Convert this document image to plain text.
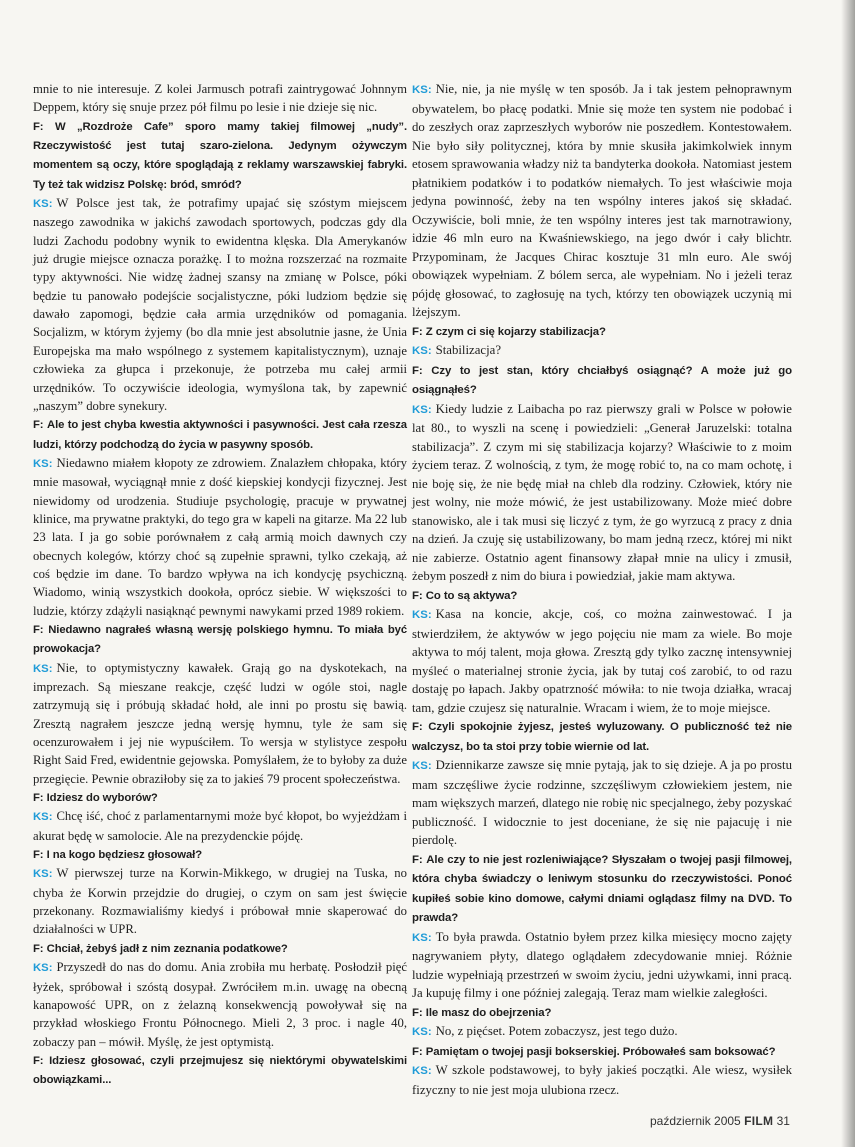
mnie to nie interesuje. Z kolei Jarmusch potrafi zaintrygować Johnnym Deppem, który się snuje przez pół filmu po lesie i nie dzieje się nic.

F: W „Rozdroże Cafe” sporo mamy takiej filmowej „nudy”. Rzeczywistość jest tutaj szaro-zielona. Jedynym ożywczym momentem są oczy, które spoglądają z reklamy warszawskiej fabryki. Ty też tak widzisz Polskę: bród, smród?

KS: W Polsce jest tak, że potrafimy upajać się szóstym miejscem naszego zawodnika w jakichś zawodach sportowych, podczas gdy dla ludzi Zachodu podobny wynik to ewidentna klęska. Dla Amerykanów już drugie miejsce oznacza porażkę. I to można rozszerzać na rozmaite typy aktywności. Nie widzę żadnej szansy na zmianę w Polsce, póki będzie tu panowało podejście socjalistyczne, póki ludziom będzie się dawało zapomogi, będzie cała armia urzędników od pomagania. Socjalizm, w którym żyjemy (bo dla mnie jest absolutnie jasne, że Unia Europejska ma mało wspólnego z systemem kapitalistycznym), uznaje człowieka za głupca i przekonuje, że potrzeba mu całej armii urzędników. To oczywiście ideologia, wymyślona tak, by zapewnić „naszym” dobre synekury.

F: Ale to jest chyba kwestia aktywności i pasywności. Jest cała rzesza ludzi, którzy podchodzą do życia w pasywny sposób.

KS: Niedawno miałem kłopoty ze zdrowiem. Znalazłem chłopaka, który mnie masował, wyciągnął mnie z dość kiepskiej kondycji fizycznej. Jest niewidomy od urodzenia. Studiuje psychologię, pracuje w prywatnej klinice, ma prywatne praktyki, do tego gra w kapeli na gitarze. Ma 22 lub 23 lata. I ja go sobie porównałem z całą armią moich dawnych czy obecnych kolegów, którzy choć są zupełnie sprawni, tylko czekają, aż coś będzie im dane. To bardzo wpływa na ich kondycję psychiczną. Wiadomo, winią wszystkich dookoła, oprócz siebie. W większości to ludzie, którzy zdążyli nasiąknąć pewnymi nawykami przed 1989 rokiem.

F: Niedawno nagrałeś własną wersję polskiego hymnu. To miała być prowokacja?

KS: Nie, to optymistyczny kawałek. Grają go na dyskotekach, na imprezach. Są mieszane reakcje, część ludzi w ogóle stoi, nagle zatrzymują się i próbują składać hołd, ale inni po prostu się bawią. Zresztą nagrałem jeszcze jedną wersję hymnu, tyle że sam się ocenzurowałem i jej nie wypuściłem. To wersja w stylistyce zespołu Right Said Fred, ewidentnie gejowska. Pomyślałem, że to byłoby za duże przegięcie. Pewnie obraziłoby się za to jakieś 79 procent społeczeństwa.

F: Idziesz do wyborów?

KS: Chcę iść, choć z parlamentarnymi może być kłopot, bo wyjeżdżam i akurat będę w samolocie. Ale na prezydenckie pójdę.

F: I na kogo będziesz głosował?

KS: W pierwszej turze na Korwin-Mikkego, w drugiej na Tuska, no chyba że Korwin przejdzie do drugiej, o czym on sam jest święcie przekonany. Rozmawialiśmy kiedyś i próbował mnie skaperować do działalności w UPR.

F: Chciał, żebyś jadł z nim zeznania podatkowe?

KS: Przyszedł do nas do domu. Ania zrobiła mu herbatę. Posłodził pięć łyżek, spróbował i szóstą dosypał. Zwróciłem m.in. uwagę na obecną kanapowość UPR, on z żelazną konsekwencją powoływał się na przykład włoskiego Frontu Północnego. Mieli 2, 3 proc. i nagle 40, zobaczy pan – mówił. Myślę, że jest optymistą.

F: Idziesz głosować, czyli przejmujesz się niektórymi obywatelskimi obowiązkami...

KS: Nie, nie, ja nie myślę w ten sposób. Ja i tak jestem pełnoprawnym obywatelem, bo płacę podatki. Mnie się może ten system nie podobać i do zeszłych oraz zaprzeszłych wyborów nie poszedłem. Kontestowałem. Nie było siły politycznej, która by mnie skusiła jakimkolwiek innym etosem sprawowania władzy niż ta bandyterka dookoła. Natomiast jestem płatnikiem podatków i to podatków niemałych. To jest właściwie moja jedyna powinność, żeby na ten wspólny interes jakoś się składać. Oczywiście, boli mnie, że ten wspólny interes jest tak marnotrawiony, idzie 46 mln euro na Kwaśniewskiego, na jego dwór i cały blichtr. Przypominam, że Jacques Chirac kosztuje 31 mln euro. Ale swój obowiązek wypełniam. Z bólem serca, ale wypełniam. No i jeżeli teraz pójdę głosować, to zagłosuję na tych, którzy ten obowiązek uczynią mi lżejszym.

F: Z czym ci się kojarzy stabilizacja?

KS: Stabilizacja?

F: Czy to jest stan, który chciałbyś osiągnąć? A może już go osiągnąłeś?

KS: Kiedy ludzie z Laibacha po raz pierwszy grali w Polsce w połowie lat 80., to wyszli na scenę i powiedzieli: „Generał Jaruzelski: totalna stabilizacja”. Z czym mi się stabilizacja kojarzy? Właściwie to z moim życiem teraz. Z wolnością, z tym, że mogę robić to, na co mam ochotę, i nie boję się, że nie będę miał na chleb dla rodziny. Człowiek, który nie jest wolny, nie może mówić, że jest ustabilizowany. Może mieć dobre stanowisko, ale i tak musi się liczyć z tym, że go wyrzucą z pracy z dnia na dzień. Ja czuję się ustabilizowany, bo mam jedną rzecz, której mi nikt nie zabierze. Ostatnio agent finansowy złapał mnie na ulicy i zmusił, żebym poszedł z nim do biura i powiedział, jakie mam aktywa.

F: Co to są aktywa?

KS: Kasa na koncie, akcje, coś, co można zainwestować. I ja stwierdziłem, że aktywów w jego pojęciu nie mam za wiele. Bo moje aktywa to mój talent, moja głowa. Zresztą gdy tylko zacznę intensywniej myśleć o materialnej stronie życia, jak by tutaj coś zarobić, to od razu dostaję po łapach. Jakby opatrzność mówiła: to nie twoja działka, wracaj tam, gdzie czujesz się naturalnie. Wracam i wiem, że to moje miejsce.

F: Czyli spokojnie żyjesz, jesteś wyluzowany. O publiczność też nie walczysz, bo ta stoi przy tobie wiernie od lat.

KS: Dziennikarze zawsze się mnie pytają, jak to się dzieje. A ja po prostu mam szczęśliwe życie rodzinne, szczęśliwym człowiekiem jestem, nie mam większych marzeń, dlatego nie robię nic specjalnego, żeby pozyskać publiczność. I widocznie to jest doceniane, że się nie pajacuję i nie pierdolę.

F: Ale czy to nie jest rozleniwiające? Słyszałam o twojej pasji filmowej, która chyba świadczy o leniwym stosunku do rzeczywistości. Ponoć kupiłeś sobie kino domowe, całymi dniami oglądasz filmy na DVD. To prawda?

KS: To była prawda. Ostatnio byłem przez kilka miesięcy mocno zajęty nagrywaniem płyty, dlatego oglądałem zdecydowanie mniej. Różnie ludzie wypełniają przestrzeń w swoim życiu, jedni używkami, inni pracą. Ja kupuję filmy i one później zalegają. Teraz mam wielkie zaległości.

F: Ile masz do obejrzenia?

KS: No, z pięćset. Potem zobaczysz, jest tego dużo.

F: Pamiętam o twojej pasji bokserskiej. Próbowałeś sam boksować?

KS: W szkole podstawowej, to były jakieś początki. Ale wiesz, wysiłek fizyczny to nie jest moja ulubiona rzecz.

październik 2005 FILM 31
